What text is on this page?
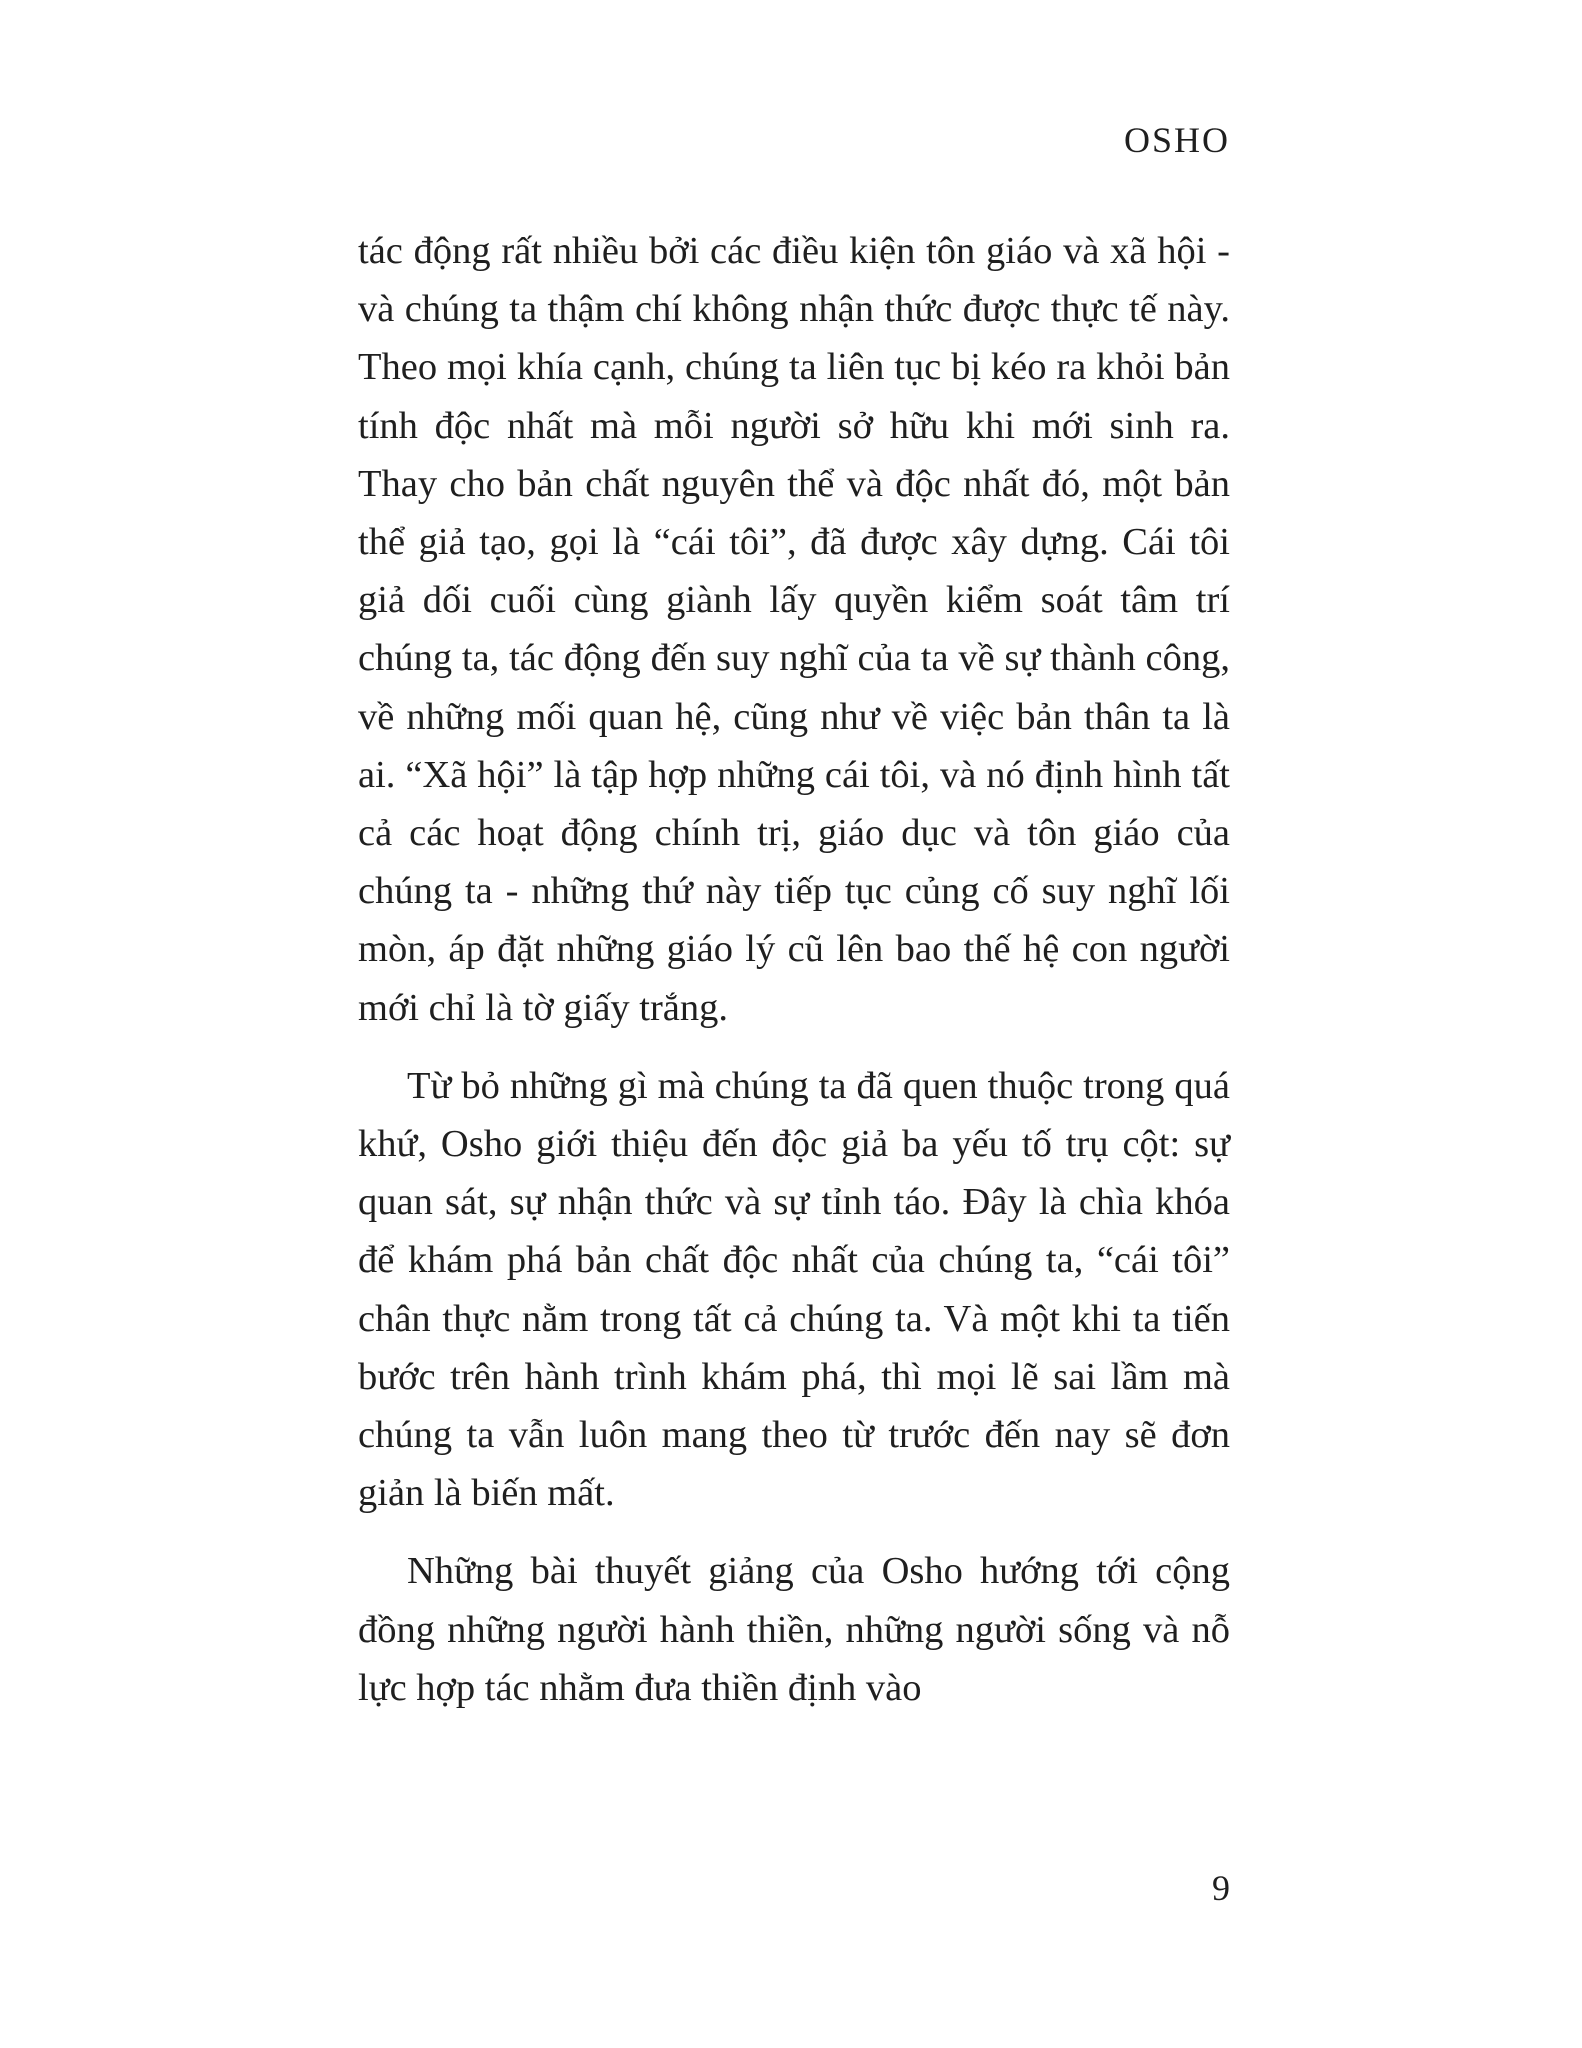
OSHO

tác động rất nhiều bởi các điều kiện tôn giáo và xã hội - và chúng ta thậm chí không nhận thức được thực tế này. Theo mọi khía cạnh, chúng ta liên tục bị kéo ra khỏi bản tính độc nhất mà mỗi người sở hữu khi mới sinh ra. Thay cho bản chất nguyên thể và độc nhất đó, một bản thể giả tạo, gọi là “cái tôi”, đã được xây dựng. Cái tôi giả dối cuối cùng giành lấy quyền kiểm soát tâm trí chúng ta, tác động đến suy nghĩ của ta về sự thành công, về những mối quan hệ, cũng như về việc bản thân ta là ai. “Xã hội” là tập hợp những cái tôi, và nó định hình tất cả các hoạt động chính trị, giáo dục và tôn giáo của chúng ta - những thứ này tiếp tục củng cố suy nghĩ lối mòn, áp đặt những giáo lý cũ lên bao thế hệ con người mới chỉ là tờ giấy trắng.

Từ bỏ những gì mà chúng ta đã quen thuộc trong quá khứ, Osho giới thiệu đến độc giả ba yếu tố trụ cột: sự quan sát, sự nhận thức và sự tỉnh táo. Đây là chìa khóa để khám phá bản chất độc nhất của chúng ta, “cái tôi” chân thực nằm trong tất cả chúng ta. Và một khi ta tiến bước trên hành trình khám phá, thì mọi lẽ sai lầm mà chúng ta vẫn luôn mang theo từ trước đến nay sẽ đơn giản là biến mất.

Những bài thuyết giảng của Osho hướng tới cộng đồng những người hành thiền, những người sống và nỗ lực hợp tác nhằm đưa thiền định vào

9
